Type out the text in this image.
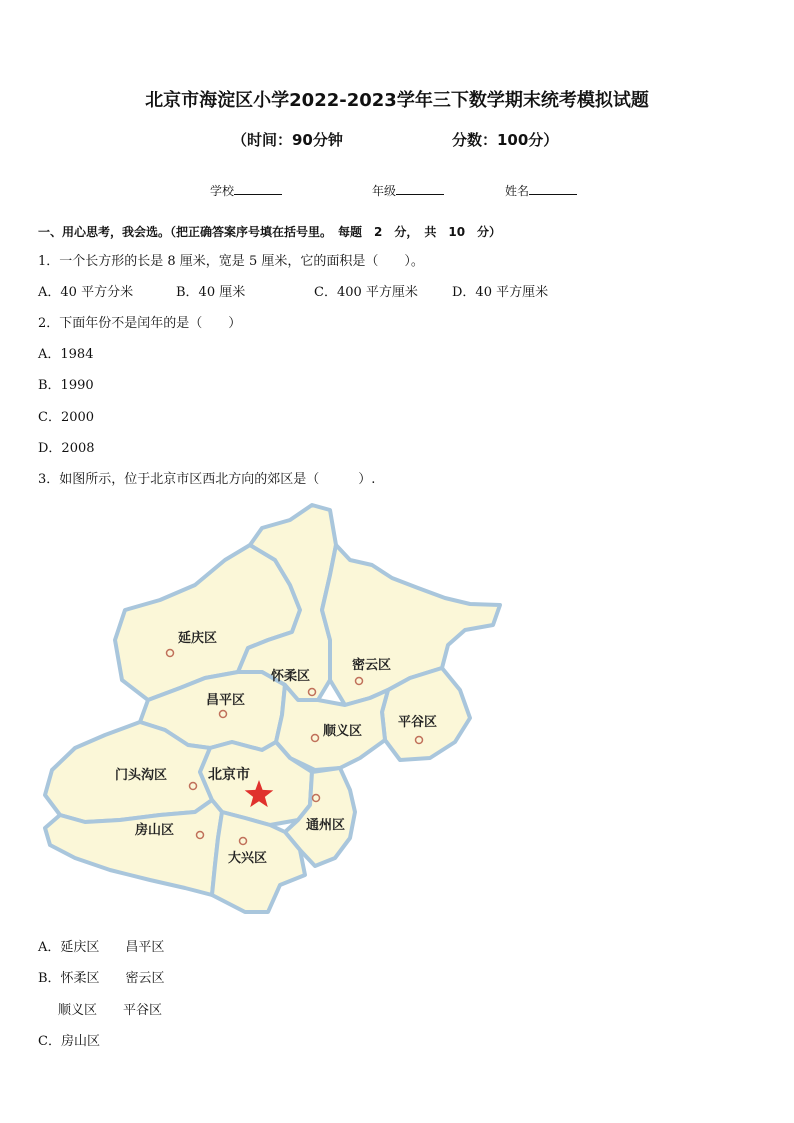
北京市海淀区小学2022-2023学年三下数学期末统考模拟试题
（时间：90分钟	分数：100分）
学校	年级	姓名
一、用心思考，我会选。（把正确答案序号填在括号里。　每题　2　分，　共　10　分）
1．一个长方形的长是 8 厘米，宽是 5 厘米，它的面积是（　　）。
A．40 平方分米	B．40 厘米	C．400 平方厘米	D．40 平方厘米
2．下面年份不是闰年的是（　　）
A．1984
B．1990
C．2000
D．2008
3．如图所示，位于北京市区西北方向的郊区是（　　　）.
延庆区
怀柔区
密云区
昌平区
顺义区
平谷区
门头沟区	北京市
通州区
房山区
大兴区
A．延庆区　　昌平区
B．怀柔区　　密云区
顺义区　　平谷区
C．房山区
